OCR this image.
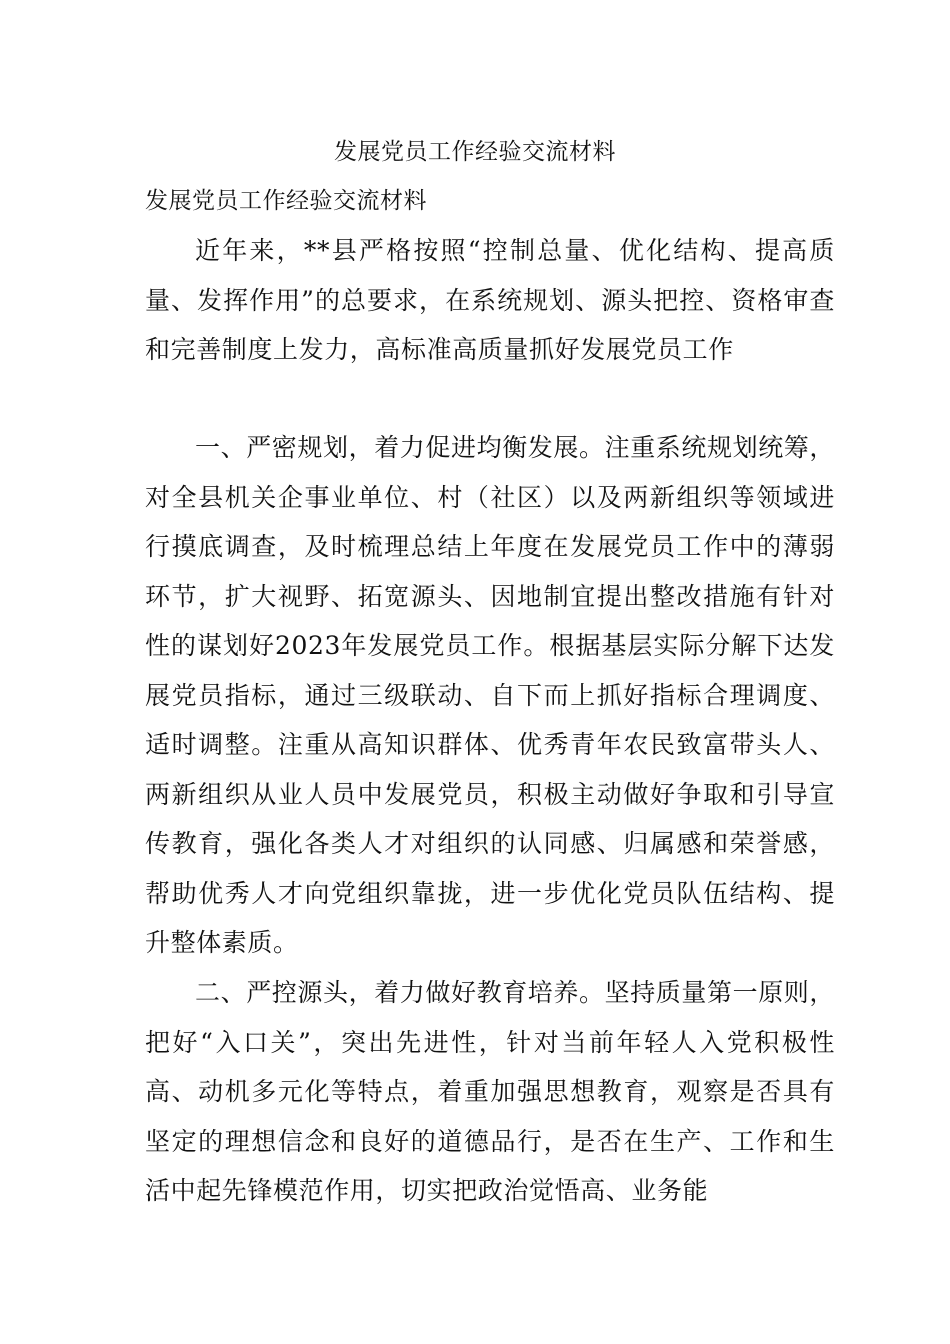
发展党员工作经验交流材料
发展党员工作经验交流材料

近年来，**县严格按照“控制总量、优化结构、提高质量、发挥作用”的总要求，在系统规划、源头把控、资格审查和完善制度上发力，高标准高质量抓好发展党员工作

一、严密规划，着力促进均衡发展。注重系统规划统筹，对全县机关企事业单位、村（社区）以及两新组织等领域进行摸底调查，及时梳理总结上年度在发展党员工作中的薄弱环节，扩大视野、拓宽源头、因地制宜提出整改措施有针对性的谋划好2023年发展党员工作。根据基层实际分解下达发展党员指标，通过三级联动、自下而上抓好指标合理调度、适时调整。注重从高知识群体、优秀青年农民致富带头人、两新组织从业人员中发展党员，积极主动做好争取和引导宣传教育，强化各类人才对组织的认同感、归属感和荣誉感，帮助优秀人才向党组织靠拢，进一步优化党员队伍结构、提升整体素质。

二、严控源头，着力做好教育培养。坚持质量第一原则，把好“入口关”，突出先进性，针对当前年轻人入党积极性高、动机多元化等特点，着重加强思想教育，观察是否具有坚定的理想信念和良好的道德品行，是否在生产、工作和生活中起先锋模范作用，切实把政治觉悟高、业务能
